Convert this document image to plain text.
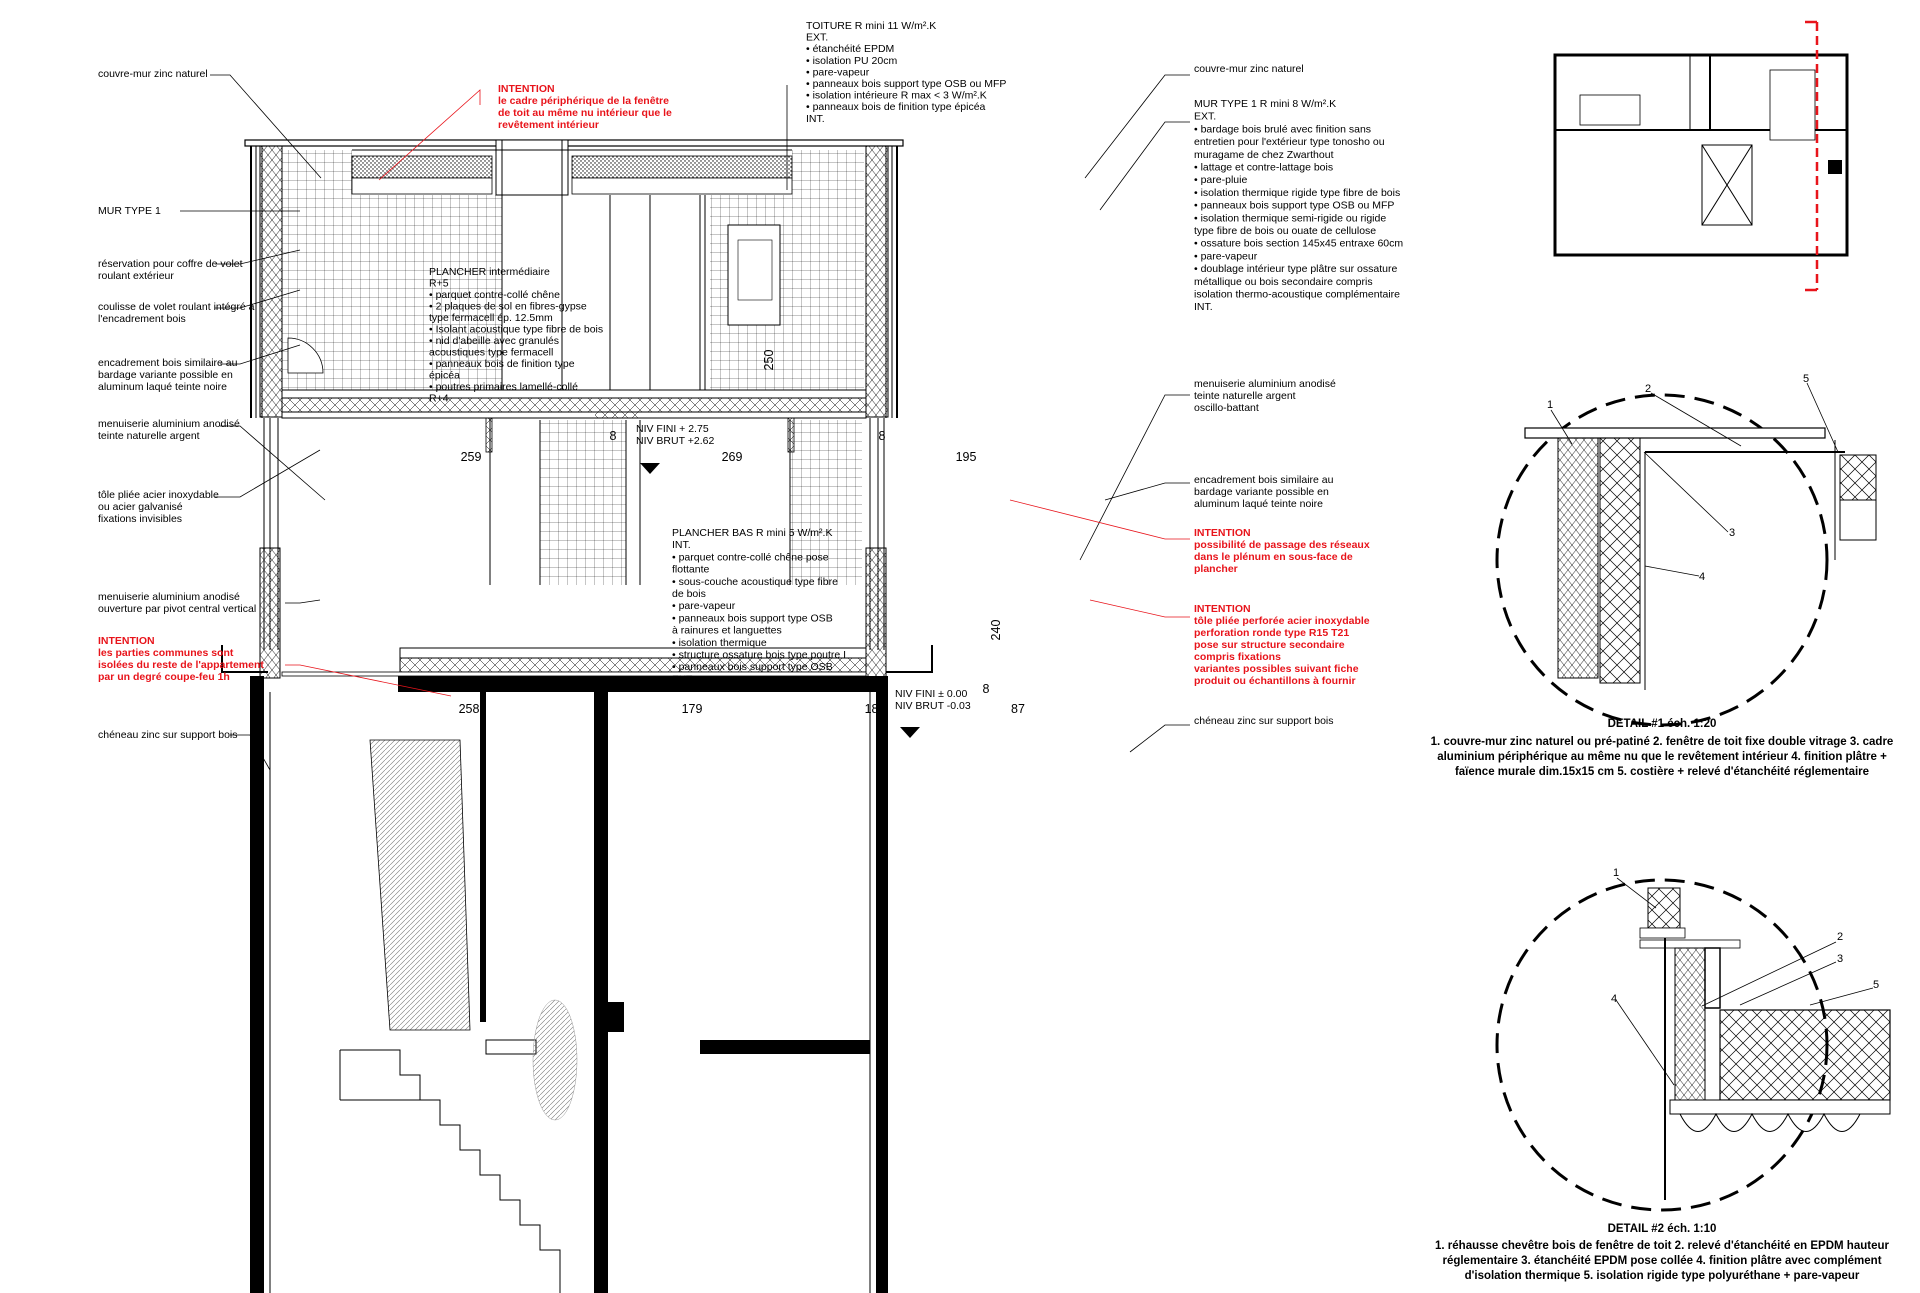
couvre-mur zinc naturel
MUR TYPE 1
réservation pour coffre de volet roulant extérieur
coulisse de volet roulant intégré à l'encadrement bois
encadrement bois similaire au bardage variante possible en aluminum laqué teinte noire
tôle pliée acier inoxydable ou acier galvanisé fixations invisibles
menuiserie aluminium anodisé ouverture par pivot central vertical
menuiserie aluminium anodisé teinte naturelle argent
chéneau zinc sur support bois
INTENTION les parties communes sont isolées du reste de l'appartement par un degré coupe-feu 1h
INTENTION le cadre périphérique de la fenêtre de toit au même nu intérieur que le revêtement intérieur
TOITURE R mini 11 W/m².K EXT. • étanchéité EPDM • isolation PU 20cm • pare-vapeur • panneaux bois support type OSB ou MFP • isolation intérieure R max < 3 W/m².K • panneaux bois de finition type épicéa INT.
couvre-mur zinc naturel
menuiserie aluminium anodisé teinte naturelle argent oscillo-battant
encadrement bois similaire au bardage variante possible en aluminum laqué teinte noire
chéneau zinc sur support bois
MUR TYPE 1 R mini 8 W/m².K EXT. • bardage bois brulé avec finition sans entretien pour l'extérieur type tonosho ou muragame de chez Zwarthout • lattage et contre-lattage bois • pare-pluie • isolation thermique rigide type fibre de bois • panneaux bois support type OSB ou MFP • isolation thermique semi-rigide ou rigide type fibre de bois ou ouate de cellulose • ossature bois section 145x45 entraxe 60cm • pare-vapeur • doublage intérieur type plâtre sur ossature métallique ou bois secondaire compris isolation thermo-acoustique complémentaire INT.
INTENTION possibilité de passage des réseaux dans le plénum en sous-face de plancher
INTENTION tôle pliée perforée acier inoxydable perforation ronde type R15 T21 pose sur structure secondaire compris fixations variantes possibles suivant fiche produit ou échantillons à fournir
PLANCHER intermédiaire R+5 • parquet contre-collé chêne • 2 plaques de sol en fibres-gypse type fermacell ép. 12.5mm • Isolant acoustique type fibre de bois • nid d'abeille avec granulés acoustiques type fermacell • panneaux bois de finition type épicéa • poutres primaires lamellé-collé R+4
PLANCHER BAS R mini 5 W/m².K INT. • parquet contre-collé chêne pose flottante • sous-couche acoustique type fibre de bois • pare-vapeur • panneaux bois support type OSB à rainures et languettes • isolation thermique • structure ossature bois type poutre I • panneaux bois support type OSB EXT.
NIV FINI + 2.75 NIV BRUT +2.62
NIV FINI ± 0.00 NIV BRUT -0.03
259
8
269
8
195
250
258
11
179
8
189
8
87
240
DETAIL #1 éch. 1:20
1. couvre-mur zinc naturel ou pré-patiné 2. fenêtre de toit fixe double vitrage 3. cadre
aluminium périphérique au même nu que le revêtement intérieur 4. finition plâtre +
faïence murale dim.15x15 cm 5. costière + relevé d'étanchéité réglementaire
1
2
3
4
5
DETAIL #2 éch. 1:10
1. réhausse chevêtre bois de fenêtre de toit 2. relevé d'étanchéité en EPDM hauteur
réglementaire 3. étanchéité EPDM pose collée 4. finition plâtre avec complément
d'isolation thermique 5. isolation rigide type polyuréthane + pare-vapeur
1
2
3
4
5
